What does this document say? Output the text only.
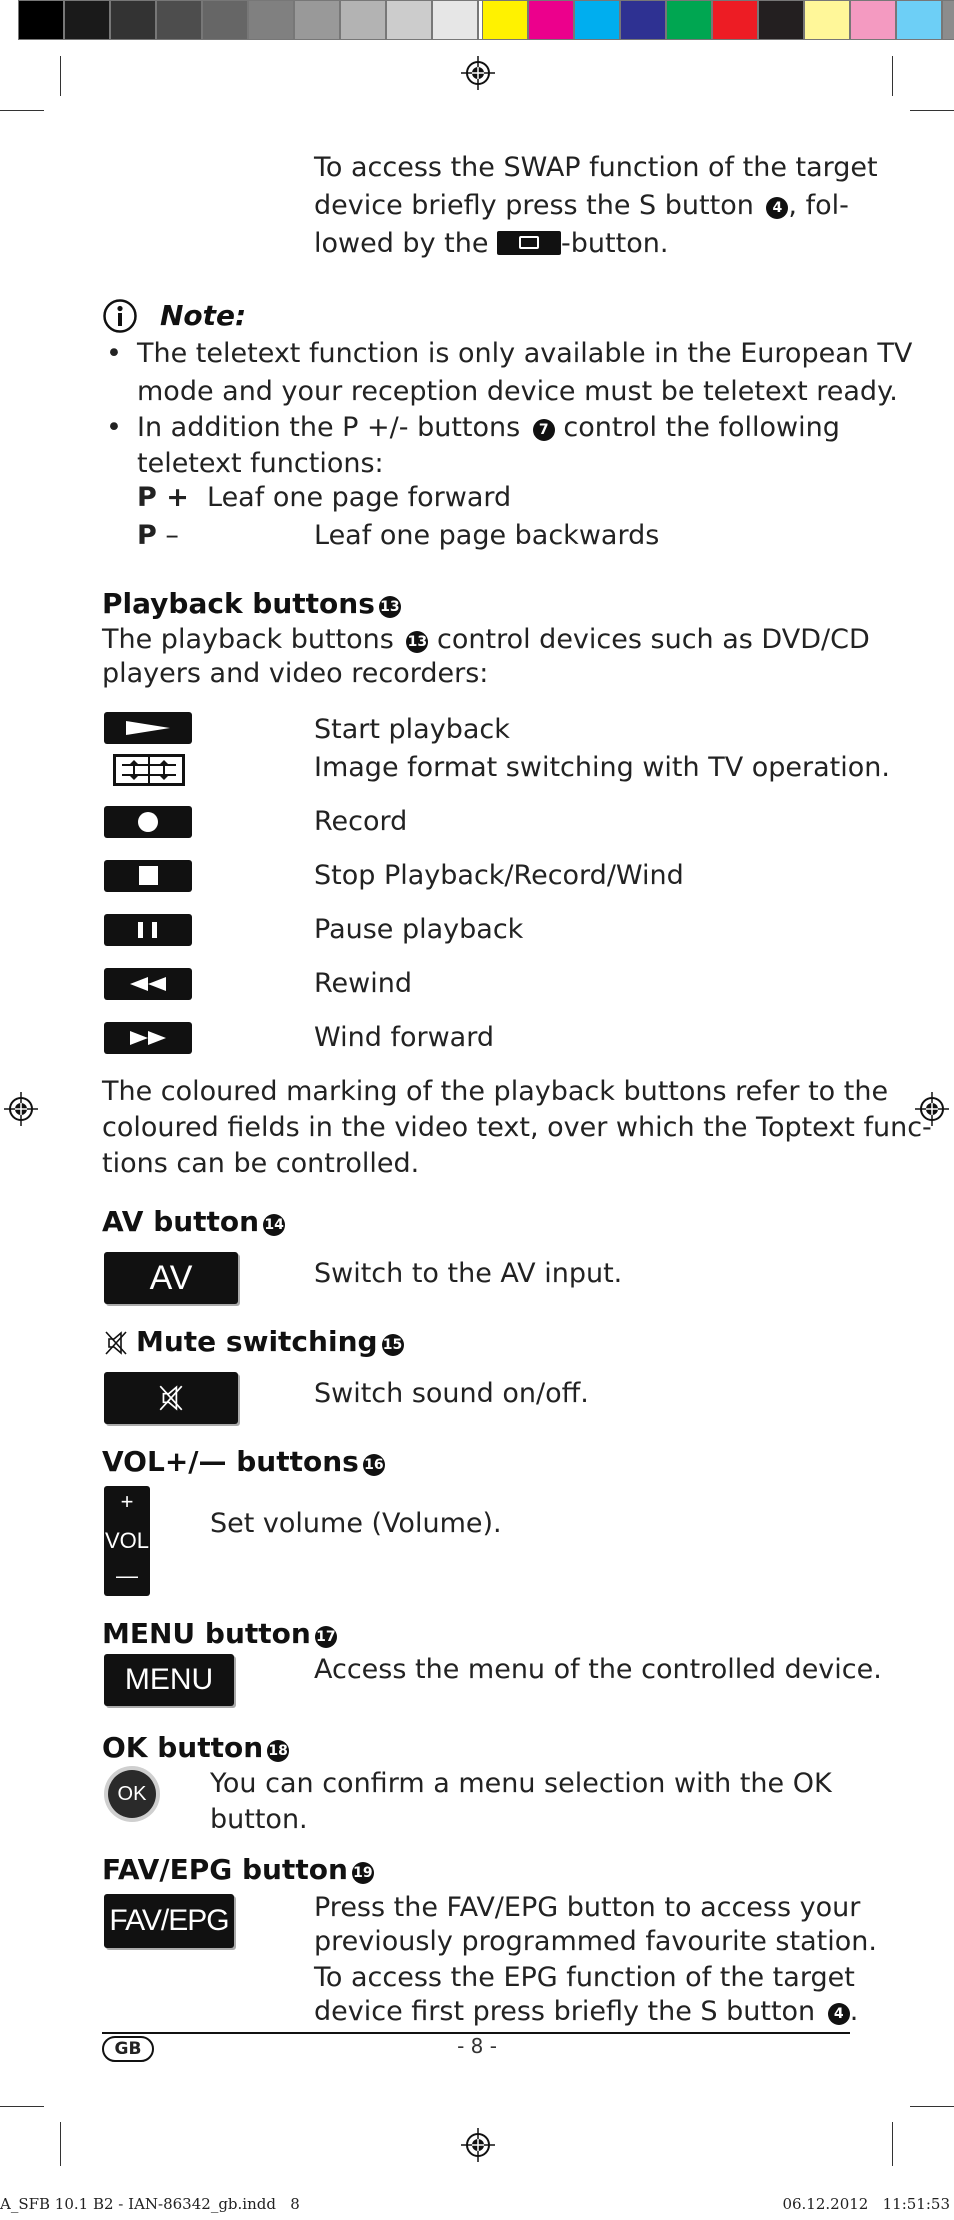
To access the SWAP function of the target
device briefly press the S button 4 , fol-
lowed by the
-button.
Note:
• The teletext function is only available in the European TV
mode and your reception device must be teletext ready.
• In addition the P +/- buttons 7 control the following
teletext functions:
P + Leaf one page forward
P –	Leaf one page backwards
Playback buttons 13
The playback buttons 13 control devices such as DVD/CD
players and video recorders:
Start playback
Image format switching with TV operation.
Record
Stop Playback/Record/Wind
Pause playback
Rewind
Wind forward
The coloured marking of the playback buttons refer to the
coloured fields in the video text, over which the Toptext func-
tions can be controlled.
AV button 14
AV	Switch to the AV input.
Mute switching 15
Switch sound on/off.
VOL+/— buttons 16
+
VOL
—
Set volume (Volume).
MENU button 17
MENU	Access the menu of the controlled device.
OK button 18
OK	You can confirm a menu selection with the OK
button.
FAV/EPG button 19
FAV/EPG	Press the FAV/EPG button to access your
previously programmed favourite station.
To access the EPG function of the target
device first press briefly the S button 4 .
GB	- 8 -
A_SFB 10.1 B2 - IAN-86342_gb.indd   8	06.12.2012   11:51:53
